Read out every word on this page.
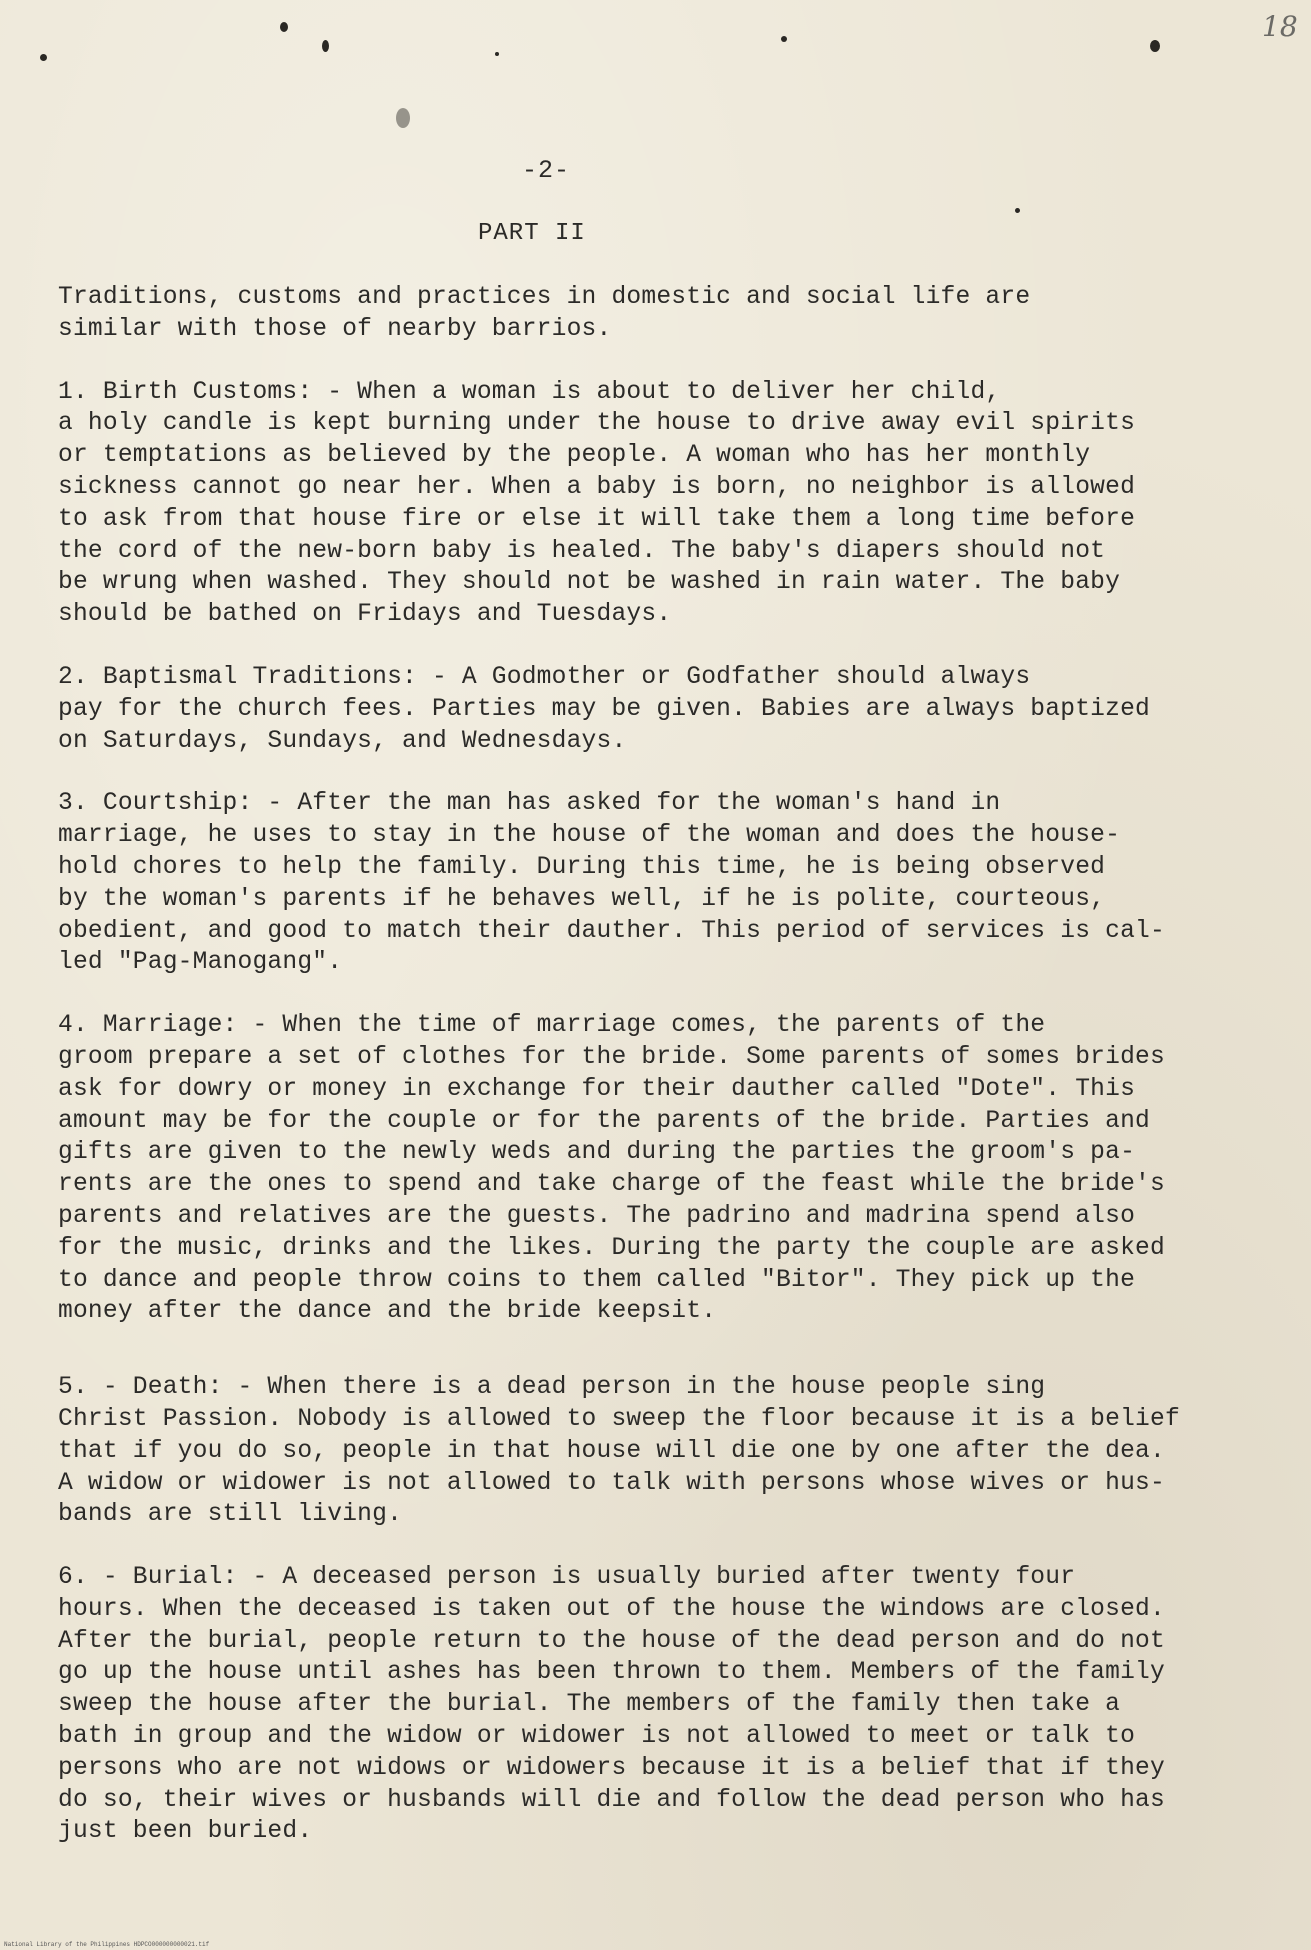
18
-2-
PART II

Traditions, customs and practices in domestic and social life are
similar with those of nearby barrios.

1. Birth Customs: - When a woman is about to deliver her child,
a holy candle is kept burning under the house to drive away evil spirits
or temptations as believed by the people. A woman who has her monthly
sickness cannot go near her. When a baby is born, no neighbor is allowed
to ask from that house fire or else it will take them a long time before
the cord of the new-born baby is healed. The baby's diapers should not
be wrung when washed. They should not be washed in rain water. The baby
should be bathed on Fridays and Tuesdays.

2. Baptismal Traditions: - A Godmother or Godfather should always
pay for the church fees. Parties may be given. Babies are always baptized
on Saturdays, Sundays, and Wednesdays.

3. Courtship: - After the man has asked for the woman's hand in
marriage, he uses to stay in the house of the woman and does the house-
hold chores to help the family. During this time, he is being observed
by the woman's parents if he behaves well, if he is polite, courteous,
obedient, and good to match their dauther. This period of services is cal-
led "Pag-Manogang".

4. Marriage: - When the time of marriage comes, the parents of the
groom prepare a set of clothes for the bride. Some parents of somes brides
ask for dowry or money in exchange for their dauther called "Dote". This
amount may be for the couple or for the parents of the bride. Parties and
gifts are given to the newly weds and during the parties the groom's pa-
rents are the ones to spend and take charge of the feast while the bride's
parents and relatives are the guests. The padrino and madrina spend also
for the music, drinks and the likes. During the party the couple are asked
to dance and people throw coins to them called "Bitor". They pick up the
money after the dance and the bride keepsit.

5. - Death: - When there is a dead person in the house people sing
Christ Passion. Nobody is allowed to sweep the floor because it is a belief
that if you do so, people in that house will die one by one after the dea.
A widow or widower is not allowed to talk with persons whose wives or hus-
bands are still living.

6. - Burial: - A deceased person is usually buried after twenty four
hours. When the deceased is taken out of the house the windows are closed.
After the burial, people return to the house of the dead person and do not
go up the house until ashes has been thrown to them. Members of the family
sweep the house after the burial. The members of the family then take a
bath in group and the widow or widower is not allowed to meet or talk to
persons who are not widows or widowers because it is a belief that if they
do so, their wives or husbands will die and follow the dead person who has
just been buried.

National Library of the Philippines HDPCO000000000021.tif
